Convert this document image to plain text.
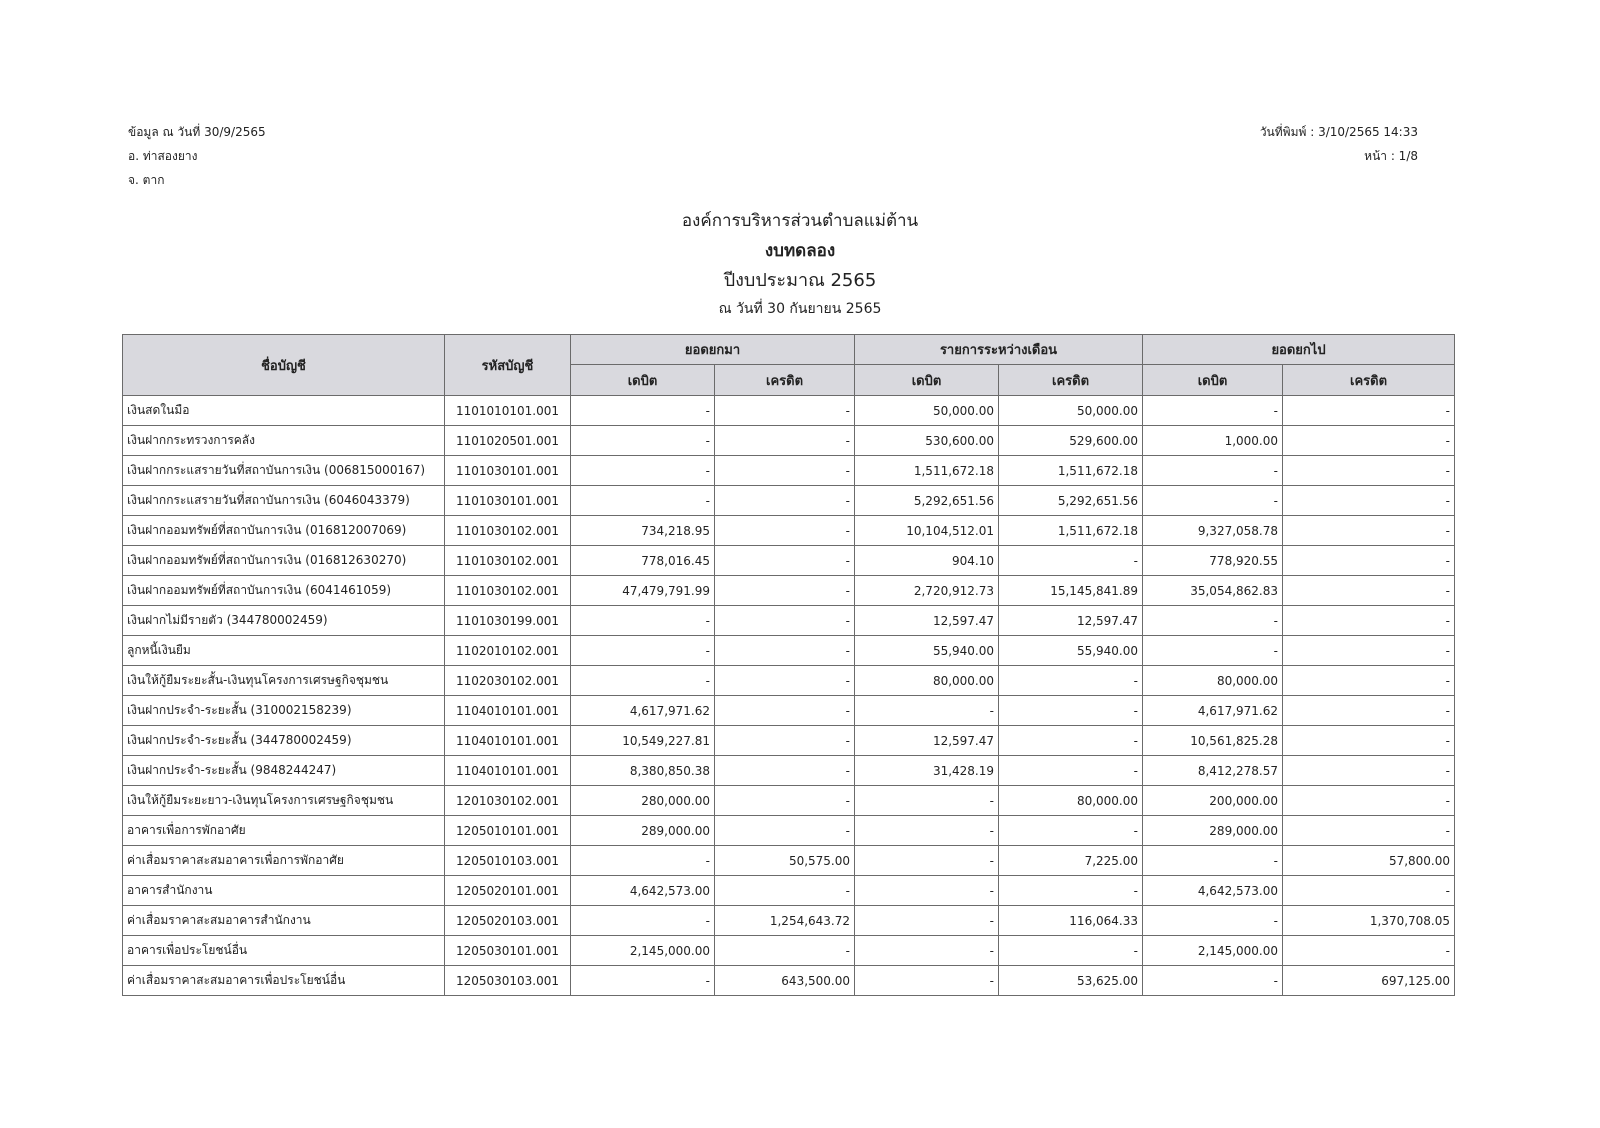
ข้อมูล ณ วันที่ 30/9/2565
อ. ท่าสองยาง
จ. ตาก
วันที่พิมพ์ : 3/10/2565 14:33
หน้า : 1/8
องค์การบริหารส่วนตำบลแม่ต้าน
งบทดลอง
ปีงบประมาณ 2565
ณ วันที่ 30 กันยายน 2565
ชื่อบัญชี	รหัสบัญชี	ยอดยกมา		รายการระหว่างเดือน		ยอดยกไป	
		เดบิต	เครดิต	เดบิต	เครดิต	เดบิต	เครดิต
เงินสดในมือ	1101010101.001	-	-	50,000.00	50,000.00	-	-
เงินฝากกระทรวงการคลัง	1101020501.001	-	-	530,600.00	529,600.00	1,000.00	-
เงินฝากกระแสรายวันที่สถาบันการเงิน (006815000167)	1101030101.001	-	-	1,511,672.18	1,511,672.18	-	-
เงินฝากกระแสรายวันที่สถาบันการเงิน (6046043379)	1101030101.001	-	-	5,292,651.56	5,292,651.56	-	-
เงินฝากออมทรัพย์ที่สถาบันการเงิน (016812007069)	1101030102.001	734,218.95	-	10,104,512.01	1,511,672.18	9,327,058.78	-
เงินฝากออมทรัพย์ที่สถาบันการเงิน (016812630270)	1101030102.001	778,016.45	-	904.10	-	778,920.55	-
เงินฝากออมทรัพย์ที่สถาบันการเงิน (6041461059)	1101030102.001	47,479,791.99	-	2,720,912.73	15,145,841.89	35,054,862.83	-
เงินฝากไม่มีรายตัว (344780002459)	1101030199.001	-	-	12,597.47	12,597.47	-	-
ลูกหนี้เงินยืม	1102010102.001	-	-	55,940.00	55,940.00	-	-
เงินให้กู้ยืมระยะสั้น-เงินทุนโครงการเศรษฐกิจชุมชน	1102030102.001	-	-	80,000.00	-	80,000.00	-
เงินฝากประจำ-ระยะสั้น (310002158239)	1104010101.001	4,617,971.62	-	-	-	4,617,971.62	-
เงินฝากประจำ-ระยะสั้น (344780002459)	1104010101.001	10,549,227.81	-	12,597.47	-	10,561,825.28	-
เงินฝากประจำ-ระยะสั้น (9848244247)	1104010101.001	8,380,850.38	-	31,428.19	-	8,412,278.57	-
เงินให้กู้ยืมระยะยาว-เงินทุนโครงการเศรษฐกิจชุมชน	1201030102.001	280,000.00	-	-	80,000.00	200,000.00	-
อาคารเพื่อการพักอาศัย	1205010101.001	289,000.00	-	-	-	289,000.00	-
ค่าเสื่อมราคาสะสมอาคารเพื่อการพักอาศัย	1205010103.001	-	50,575.00	-	7,225.00	-	57,800.00
อาคารสำนักงาน	1205020101.001	4,642,573.00	-	-	-	4,642,573.00	-
ค่าเสื่อมราคาสะสมอาคารสำนักงาน	1205020103.001	-	1,254,643.72	-	116,064.33	-	1,370,708.05
อาคารเพื่อประโยชน์อื่น	1205030101.001	2,145,000.00	-	-	-	2,145,000.00	-
ค่าเสื่อมราคาสะสมอาคารเพื่อประโยชน์อื่น	1205030103.001	-	643,500.00	-	53,625.00	-	697,125.00
